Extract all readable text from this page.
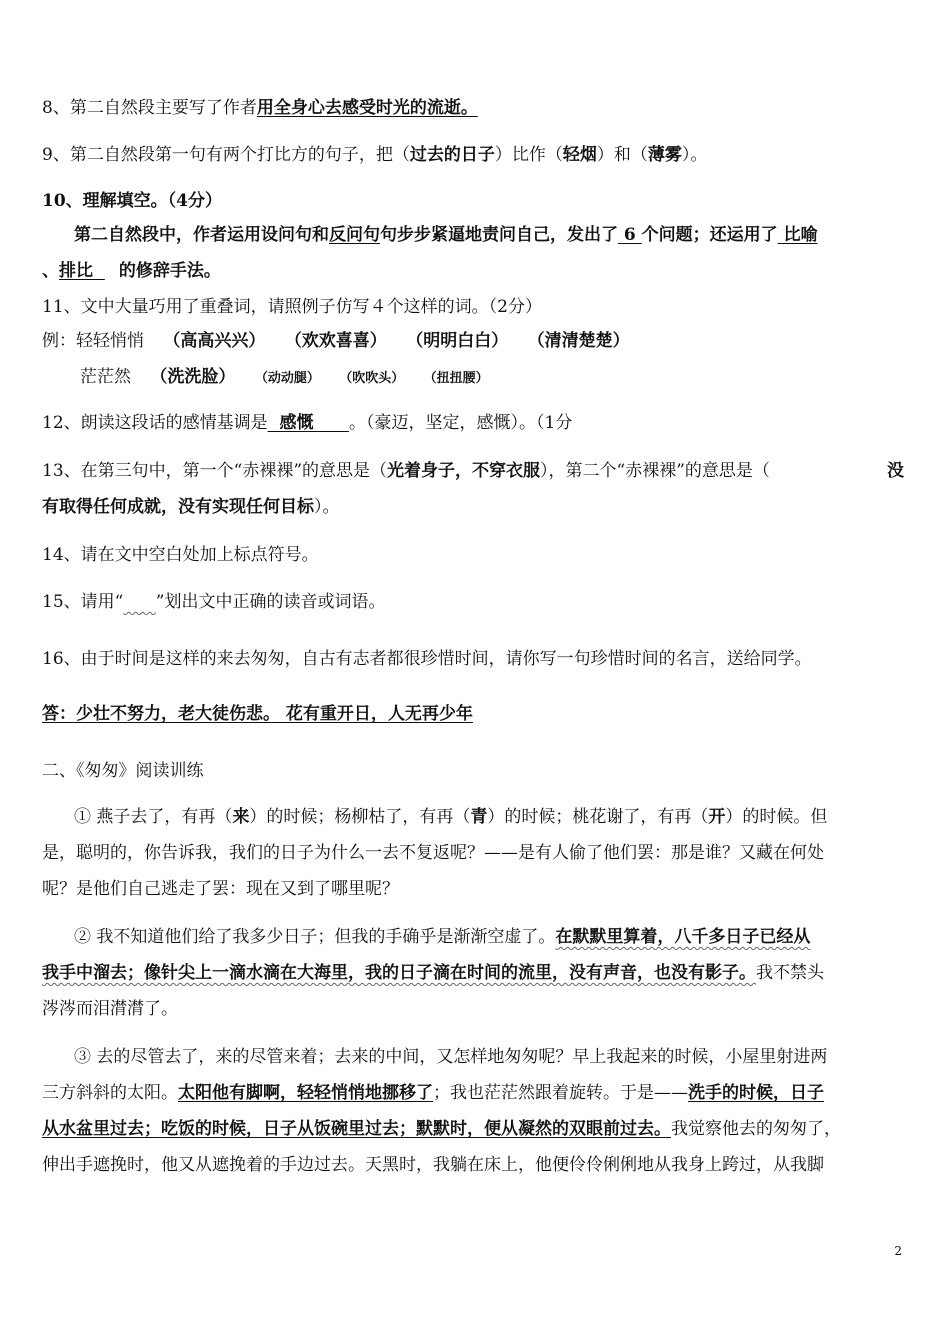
8、第二自然段主要写了作者用全身心去感受时光的流逝。
9、第二自然段第一句有两个打比方的句子，把（过去的日子）比作（轻烟）和（薄雾）。
10、理解填空。（4分）
第二自然段中，作者运用设问句和反问句句步步紧逼地责问自己，发出了 6 个问题；还运用了 比喻
、排比  的修辞手法。
11、文中大量巧用了重叠词，请照例子仿写４个这样的词。（2分）
例：轻轻悄悄 （高高兴兴） （欢欢喜喜） （明明白白） （清清楚楚）
茫茫然 （洗洗脸） （动动腿） （吹吹头） （扭扭腰）
12、朗读这段话的感情基调是  感慨      。（豪迈，坚定，感慨）。（1分
13、在第三句中，第一个“赤裸裸”的意思是（光着身子，不穿衣服），第二个“赤裸裸”的意思是（　	没
有取得任何成就，没有实现任何目标）。
14、请在文中空白处加上标点符号。
15、请用“ ”划出文中正确的读音或词语。
16、由于时间是这样的来去匆匆，自古有志者都很珍惜时间，请你写一句珍惜时间的名言，送给同学。
答：少壮不努力，老大徒伤悲。 花有重开日，人无再少年
二、《匆匆》阅读训练
① 燕子去了，有再（来）的时候；杨柳枯了，有再（青）的时候；桃花谢了，有再（开）的时候。但
是，聪明的，你告诉我，我们的日子为什么一去不复返呢？——是有人偷了他们罢：那是谁？又藏在何处
呢？是他们自己逃走了罢：现在又到了哪里呢？
② 我不知道他们给了我多少日子；但我的手确乎是渐渐空虚了。在默默里算着，八千多日子已经从
我手中溜去；像针尖上一滴水滴在大海里，我的日子滴在时间的流里，没有声音，也没有影子。我不禁头
涔涔而泪潸潸了。
③ 去的尽管去了，来的尽管来着；去来的中间，又怎样地匆匆呢？早上我起来的时候，小屋里射进两
三方斜斜的太阳。太阳他有脚啊，轻轻悄悄地挪移了；我也茫茫然跟着旋转。于是——洗手的时候，日子
从水盆里过去；吃饭的时候，日子从饭碗里过去；默默时，便从凝然的双眼前过去。我觉察他去的匆匆了，
伸出手遮挽时，他又从遮挽着的手边过去。天黑时，我躺在床上，他便伶伶俐俐地从我身上跨过，从我脚
2
